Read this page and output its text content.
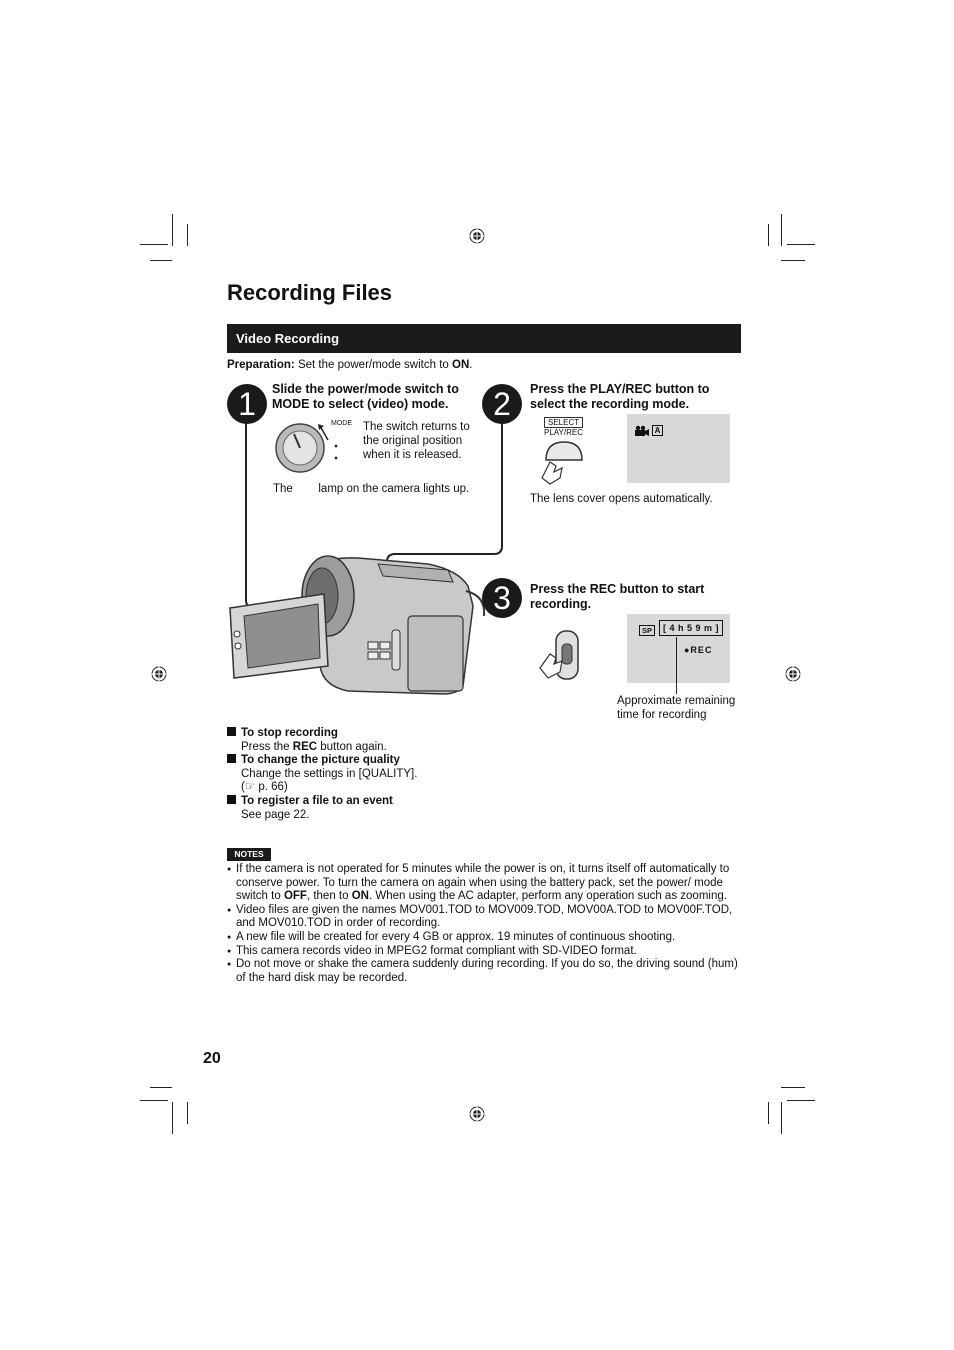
Recording Files
Video Recording
Preparation: Set the power/mode switch to ON.
1	Slide the power/mode switch to
MODE to select (video) mode.
MODE The switch returns to
the original position
when it is released.
The        lamp on the camera lights up.
2	Press the PLAY/REC button to
select the recording mode.
SELECT
PLAY/REC	A
The lens cover opens automatically.
3	Press the REC button to start
recording.
SP	[ 4 h 5 9 m ]
●REC
Approximate remaining
time for recording
To stop recording
Press the REC button again.
To change the picture quality
Change the settings in [QUALITY].
(☞ p. 66)
To register a file to an event
See page 22.
NOTES
● If the camera is not operated for 5 minutes while the power is on, it turns itself off automatically to conserve power. To turn the camera on again when using the battery pack, set the power/ mode switch to OFF, then to ON. When using the AC adapter, perform any operation such as zooming.
● Video files are given the names MOV001.TOD to MOV009.TOD, MOV00A.TOD to MOV00F.TOD, and MOV010.TOD in order of recording.
● A new file will be created for every 4 GB or approx. 19 minutes of continuous shooting.
● This camera records video in MPEG2 format compliant with SD-VIDEO format.
● Do not move or shake the camera suddenly during recording. If you do so, the driving sound (hum) of the hard disk may be recorded.
20
